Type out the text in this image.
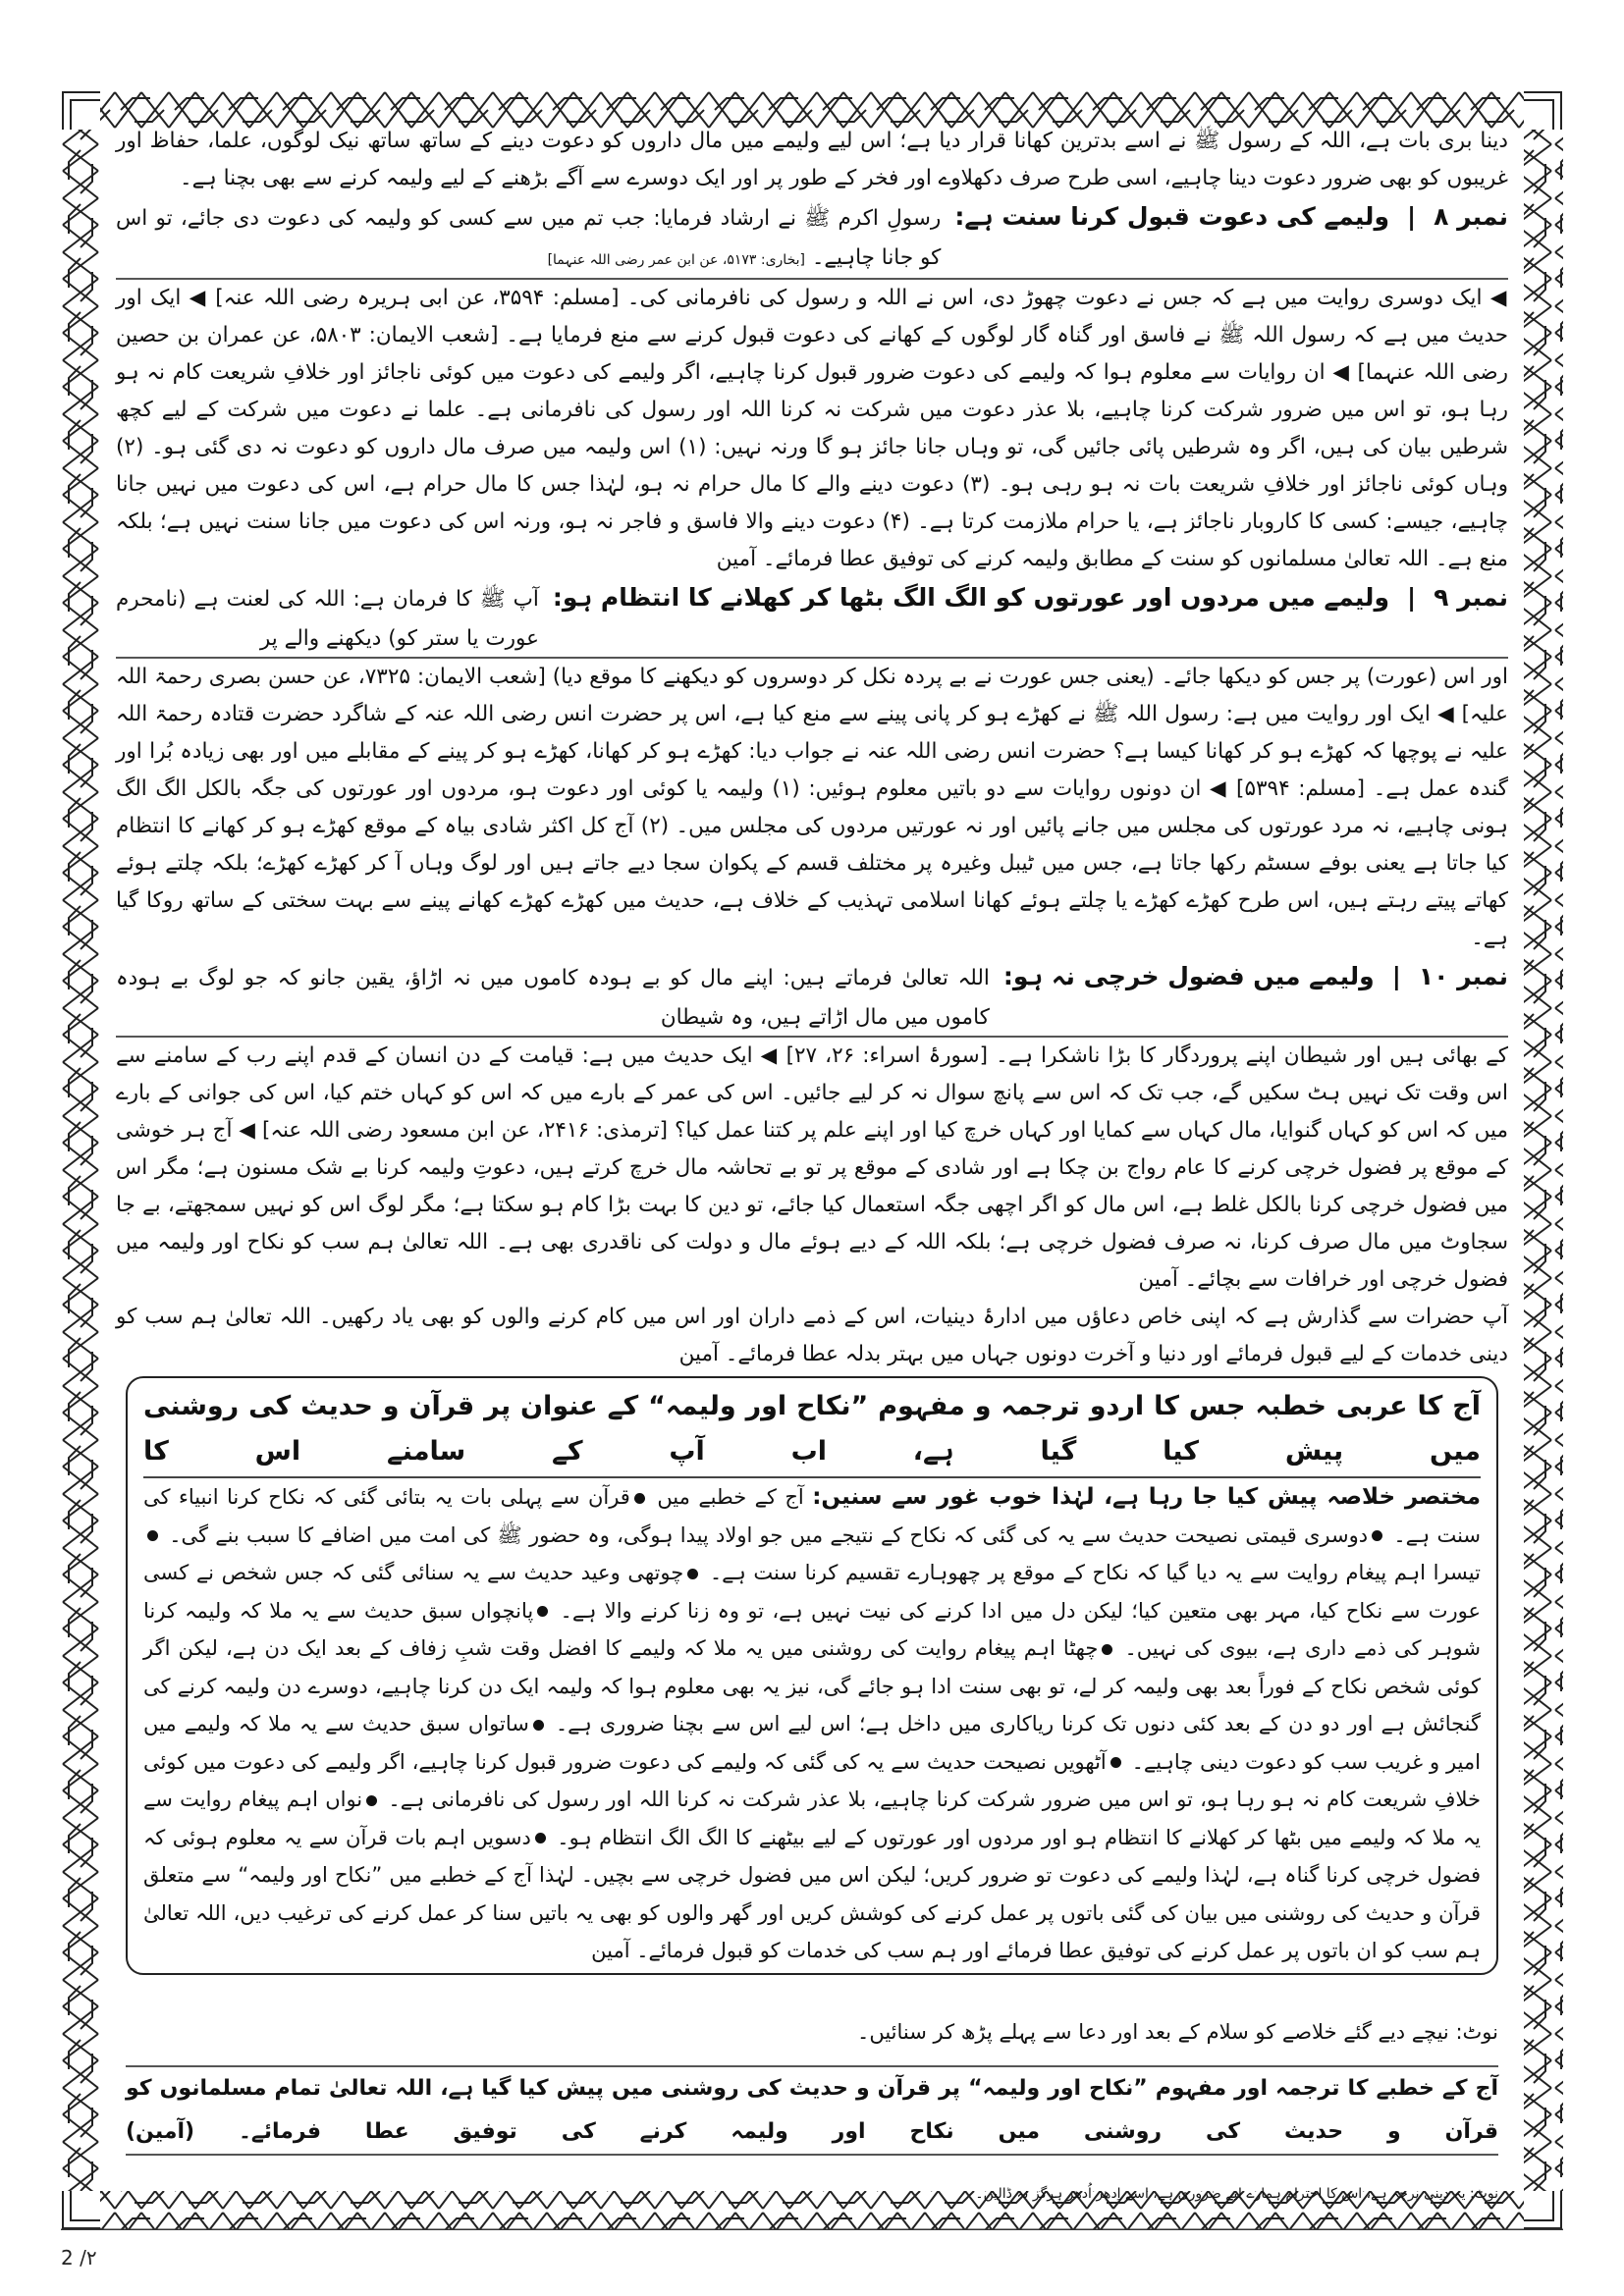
دینا بری بات ہے، اللہ کے رسول ﷺ نے اسے بدترین کھانا قرار دیا ہے؛ اس لیے ولیمے میں مال داروں کو دعوت دینے کے ساتھ ساتھ نیک لوگوں، علما، حفاظ اور غریبوں کو بھی ضرور دعوت دینا چاہیے، اسی طرح صرف دکھلاوے اور فخر کے طور پر اور ایک دوسرے سے آگے بڑھنے کے لیے ولیمہ کرنے سے بھی بچنا ہے۔

نمبر ۸
|
ولیمے کی دعوت قبول کرنا سنت ہے:
رسولِ اکرم ﷺ نے ارشاد فرمایا: جب تم میں سے کسی کو ولیمہ کی دعوت دی جائے، تو اس کو جانا چاہیے۔ [بخاری: ۵۱۷۳، عن ابن عمر رضی اللہ عنہما]

◀ ایک دوسری روایت میں ہے کہ جس نے دعوت چھوڑ دی، اس نے اللہ و رسول کی نافرمانی کی۔ [مسلم: ۳۵۹۴، عن ابی ہریرہ رضی اللہ عنہ] ◀ ایک اور حدیث میں ہے کہ رسول اللہ ﷺ نے فاسق اور گناہ گار لوگوں کے کھانے کی دعوت قبول کرنے سے منع فرمایا ہے۔ [شعب الایمان: ۵۸۰۳، عن عمران بن حصین رضی اللہ عنہما] ◀ ان روایات سے معلوم ہوا کہ ولیمے کی دعوت ضرور قبول کرنا چاہیے، اگر ولیمے کی دعوت میں کوئی ناجائز اور خلافِ شریعت کام نہ ہو رہا ہو، تو اس میں ضرور شرکت کرنا چاہیے، بلا عذر دعوت میں شرکت نہ کرنا اللہ اور رسول کی نافرمانی ہے۔ علما نے دعوت میں شرکت کے لیے کچھ شرطیں بیان کی ہیں، اگر وہ شرطیں پائی جائیں گی، تو وہاں جانا جائز ہو گا ورنہ نہیں: (۱) اس ولیمہ میں صرف مال داروں کو دعوت نہ دی گئی ہو۔ (۲) وہاں کوئی ناجائز اور خلافِ شریعت بات نہ ہو رہی ہو۔ (۳) دعوت دینے والے کا مال حرام نہ ہو، لہٰذا جس کا مال حرام ہے، اس کی دعوت میں نہیں جانا چاہیے، جیسے: کسی کا کاروبار ناجائز ہے، یا حرام ملازمت کرتا ہے۔ (۴) دعوت دینے والا فاسق و فاجر نہ ہو، ورنہ اس کی دعوت میں جانا سنت نہیں ہے؛ بلکہ منع ہے۔ اللہ تعالیٰ مسلمانوں کو سنت کے مطابق ولیمہ کرنے کی توفیق عطا فرمائے۔ آمین

نمبر ۹
|
ولیمے میں مردوں اور عورتوں کو الگ الگ بٹھا کر کھلانے کا انتظام ہو:
آپ ﷺ کا فرمان ہے: اللہ کی لعنت ہے (نامحرم عورت یا ستر کو) دیکھنے والے پر

اور اس (عورت) پر جس کو دیکھا جائے۔ (یعنی جس عورت نے بے پردہ نکل کر دوسروں کو دیکھنے کا موقع دیا) [شعب الایمان: ۷۳۲۵، عن حسن بصری رحمۃ اللہ علیہ] ◀ ایک اور روایت میں ہے: رسول اللہ ﷺ نے کھڑے ہو کر پانی پینے سے منع کیا ہے، اس پر حضرت انس رضی اللہ عنہ کے شاگرد حضرت قتادہ رحمۃ اللہ علیہ نے پوچھا کہ کھڑے ہو کر کھانا کیسا ہے؟ حضرت انس رضی اللہ عنہ نے جواب دیا: کھڑے ہو کر کھانا، کھڑے ہو کر پینے کے مقابلے میں اور بھی زیادہ بُرا اور گندہ عمل ہے۔ [مسلم: ۵۳۹۴] ◀ ان دونوں روایات سے دو باتیں معلوم ہوئیں: (۱) ولیمہ یا کوئی اور دعوت ہو، مردوں اور عورتوں کی جگہ بالکل الگ الگ ہونی چاہیے، نہ مرد عورتوں کی مجلس میں جانے پائیں اور نہ عورتیں مردوں کی مجلس میں۔ (۲) آج کل اکثر شادی بیاہ کے موقع کھڑے ہو کر کھانے کا انتظام کیا جاتا ہے یعنی بوفے سسٹم رکھا جاتا ہے، جس میں ٹیبل وغیرہ پر مختلف قسم کے پکوان سجا دیے جاتے ہیں اور لوگ وہاں آ کر کھڑے کھڑے؛ بلکہ چلتے ہوئے کھاتے پیتے رہتے ہیں، اس طرح کھڑے کھڑے یا چلتے ہوئے کھانا اسلامی تہذیب کے خلاف ہے، حدیث میں کھڑے کھڑے کھانے پینے سے بہت سختی کے ساتھ روکا گیا ہے۔

نمبر ۱۰
|
ولیمے میں فضول خرچی نہ ہو:
اللہ تعالیٰ فرماتے ہیں: اپنے مال کو بے ہودہ کاموں میں نہ اڑاؤ، یقین جانو کہ جو لوگ بے ہودہ کاموں میں مال اڑاتے ہیں، وہ شیطان

کے بھائی ہیں اور شیطان اپنے پروردگار کا بڑا ناشکرا ہے۔ [سورۂ اسراء: ۲۶، ۲۷] ◀ ایک حدیث میں ہے: قیامت کے دن انسان کے قدم اپنے رب کے سامنے سے اس وقت تک نہیں ہٹ سکیں گے، جب تک کہ اس سے پانچ سوال نہ کر لیے جائیں۔ اس کی عمر کے بارے میں کہ اس کو کہاں ختم کیا، اس کی جوانی کے بارے میں کہ اس کو کہاں گنوایا، مال کہاں سے کمایا اور کہاں خرچ کیا اور اپنے علم پر کتنا عمل کیا؟ [ترمذی: ۲۴۱۶، عن ابن مسعود رضی اللہ عنہ] ◀ آج ہر خوشی کے موقع پر فضول خرچی کرنے کا عام رواج بن چکا ہے اور شادی کے موقع پر تو بے تحاشہ مال خرچ کرتے ہیں، دعوتِ ولیمہ کرنا بے شک مسنون ہے؛ مگر اس میں فضول خرچی کرنا بالکل غلط ہے، اس مال کو اگر اچھی جگہ استعمال کیا جائے، تو دین کا بہت بڑا کام ہو سکتا ہے؛ مگر لوگ اس کو نہیں سمجھتے، بے جا سجاوٹ میں مال صرف کرنا، نہ صرف فضول خرچی ہے؛ بلکہ اللہ کے دیے ہوئے مال و دولت کی ناقدری بھی ہے۔ اللہ تعالیٰ ہم سب کو نکاح اور ولیمہ میں فضول خرچی اور خرافات سے بچائے۔ آمین

آپ حضرات سے گذارش ہے کہ اپنی خاص دعاؤں میں ادارۂ دینیات، اس کے ذمے داران اور اس میں کام کرنے والوں کو بھی یاد رکھیں۔ اللہ تعالیٰ ہم سب کو دینی خدمات کے لیے قبول فرمائے اور دنیا و آخرت دونوں جہاں میں بہتر بدلہ عطا فرمائے۔ آمین

آج کا عربی خطبہ جس کا اردو ترجمہ و مفہوم ”نکاح اور ولیمہ“ کے عنوان پر قرآن و حدیث کی روشنی میں پیش کیا گیا ہے، اب آپ کے سامنے اس کا
مختصر خلاصہ پیش کیا جا رہا ہے، لہٰذا خوب غور سے سنیں: آج کے خطبے میں قرآن سے پہلی بات یہ بتائی گئی کہ نکاح کرنا انبیاء کی سنت ہے۔ دوسری قیمتی نصیحت حدیث سے یہ کی گئی کہ نکاح کے نتیجے میں جو اولاد پیدا ہوگی، وہ حضور ﷺ کی امت میں اضافے کا سبب بنے گی۔ تیسرا اہم پیغام روایت سے یہ دیا گیا کہ نکاح کے موقع پر چھوہارے تقسیم کرنا سنت ہے۔ چوتھی وعید حدیث سے یہ سنائی گئی کہ جس شخص نے کسی عورت سے نکاح کیا، مہر بھی متعین کیا؛ لیکن دل میں ادا کرنے کی نیت نہیں ہے، تو وہ زنا کرنے والا ہے۔ پانچواں سبق حدیث سے یہ ملا کہ ولیمہ کرنا شوہر کی ذمے داری ہے، بیوی کی نہیں۔ چھٹا اہم پیغام روایت کی روشنی میں یہ ملا کہ ولیمے کا افضل وقت شبِ زفاف کے بعد ایک دن ہے، لیکن اگر کوئی شخص نکاح کے فوراً بعد بھی ولیمہ کر لے، تو بھی سنت ادا ہو جائے گی، نیز یہ بھی معلوم ہوا کہ ولیمہ ایک دن کرنا چاہیے، دوسرے دن ولیمہ کرنے کی گنجائش ہے اور دو دن کے بعد کئی دنوں تک کرنا ریاکاری میں داخل ہے؛ اس لیے اس سے بچنا ضروری ہے۔ ساتواں سبق حدیث سے یہ ملا کہ ولیمے میں امیر و غریب سب کو دعوت دینی چاہیے۔ آٹھویں نصیحت حدیث سے یہ کی گئی کہ ولیمے کی دعوت ضرور قبول کرنا چاہیے، اگر ولیمے کی دعوت میں کوئی خلافِ شریعت کام نہ ہو رہا ہو، تو اس میں ضرور شرکت کرنا چاہیے، بلا عذر شرکت نہ کرنا اللہ اور رسول کی نافرمانی ہے۔ نواں اہم پیغام روایت سے یہ ملا کہ ولیمے میں بٹھا کر کھلانے کا انتظام ہو اور مردوں اور عورتوں کے لیے بیٹھنے کا الگ الگ انتظام ہو۔ دسویں اہم بات قرآن سے یہ معلوم ہوئی کہ فضول خرچی کرنا گناہ ہے، لہٰذا ولیمے کی دعوت تو ضرور کریں؛ لیکن اس میں فضول خرچی سے بچیں۔ لہٰذا آج کے خطبے میں ”نکاح اور ولیمہ“ سے متعلق قرآن و حدیث کی روشنی میں بیان کی گئی باتوں پر عمل کرنے کی کوشش کریں اور گھر والوں کو بھی یہ باتیں سنا کر عمل کرنے کی ترغیب دیں، اللہ تعالیٰ ہم سب کو ان باتوں پر عمل کرنے کی توفیق عطا فرمائے اور ہم سب کی خدمات کو قبول فرمائے۔ آمین
نوٹ: نیچے دیے گئے خلاصے کو سلام کے بعد اور دعا سے پہلے پڑھ کر سنائیں۔
آج کے خطبے کا ترجمہ اور مفہوم ”نکاح اور ولیمہ“ پر قرآن و حدیث کی روشنی میں پیش کیا گیا ہے، اللہ تعالیٰ تمام مسلمانوں کو قرآن و حدیث کی روشنی میں نکاح اور ولیمہ کرنے کی توفیق عطا فرمائے۔ (آمین)
نوٹ: یہ دینی پرچہ ہے، اس کا احترام ہمارے لیے ضروری ہے، اسے اِدھر اُدھر ہرگز نہ ڈالیں۔
2 /۲
